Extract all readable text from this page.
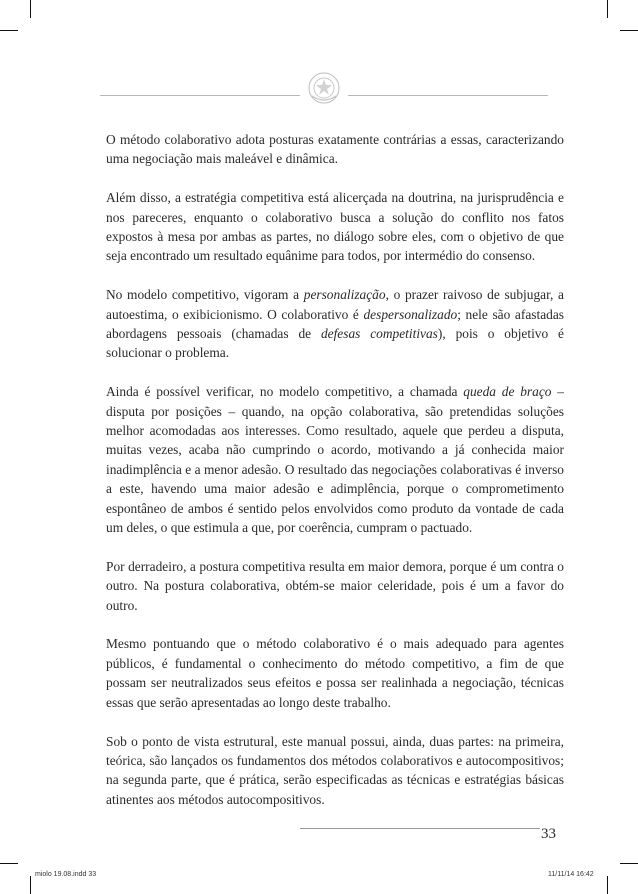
O método colaborativo adota posturas exatamente contrárias a essas, caracterizando uma negociação mais maleável e dinâmica.

Além disso, a estratégia competitiva está alicerçada na doutrina, na jurisprudência e nos pareceres, enquanto o colaborativo busca a solução do conflito nos fatos expostos à mesa por ambas as partes, no diálogo sobre eles, com o objetivo de que seja encontrado um resultado equânime para todos, por intermédio do consenso.

No modelo competitivo, vigoram a personalização, o prazer raivoso de subjugar, a autoestima, o exibicionismo. O colaborativo é despersonalizado; nele são afastadas abordagens pessoais (chamadas de defesas competitivas), pois o objetivo é solucionar o problema.

Ainda é possível verificar, no modelo competitivo, a chamada queda de braço – disputa por posições – quando, na opção colaborativa, são pretendidas soluções melhor acomodadas aos interesses. Como resultado, aquele que perdeu a disputa, muitas vezes, acaba não cumprindo o acordo, motivando a já conhecida maior inadimplência e a menor adesão. O resultado das negociações colaborativas é inverso a este, havendo uma maior adesão e adimplência, porque o comprometimento espontâneo de ambos é sentido pelos envolvidos como produto da vontade de cada um deles, o que estimula a que, por coerência, cumpram o pactuado.

Por derradeiro, a postura competitiva resulta em maior demora, porque é um contra o outro. Na postura colaborativa, obtém-se maior celeridade, pois é um a favor do outro.

Mesmo pontuando que o método colaborativo é o mais adequado para agentes públicos, é fundamental o conhecimento do método competitivo, a fim de que possam ser neutralizados seus efeitos e possa ser realinhada a negociação, técnicas essas que serão apresentadas ao longo deste trabalho.

Sob o ponto de vista estrutural, este manual possui, ainda, duas partes: na primeira, teórica, são lançados os fundamentos dos métodos colaborativos e autocompositivos; na segunda parte, que é prática, serão especificadas as técnicas e estratégias básicas atinentes aos métodos autocompositivos.

33
miolo 19.08.indd 33	11/11/14 16:42
